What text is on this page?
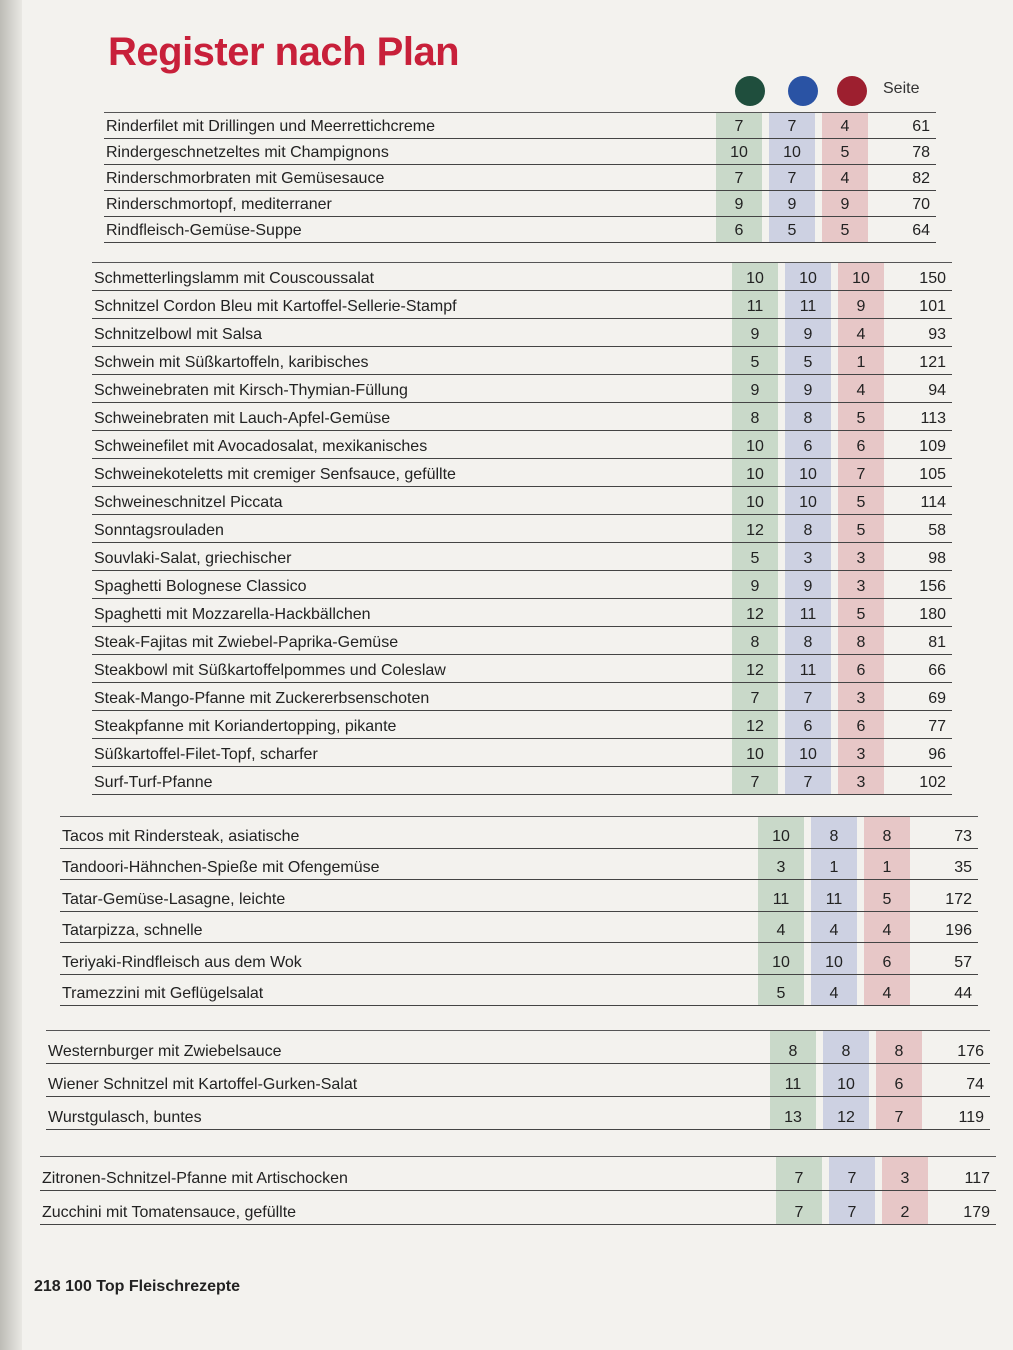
Register nach Plan
Seite
Rinderfilet mit Drillingen und Meerrettichcreme	7	7	4	61
Rindergeschnetzeltes mit Champignons	10	10	5	78
Rinderschmorbraten mit Gemüsesauce	7	7	4	82
Rinderschmortopf, mediterraner	9	9	9	70
Rindfleisch-Gemüse-Suppe	6	5	5	64
Schmetterlingslamm mit Couscoussalat	10	10	10	150
Schnitzel Cordon Bleu mit Kartoffel-Sellerie-Stampf	11	11	9	101
Schnitzelbowl mit Salsa	9	9	4	93
Schwein mit Süßkartoffeln, karibisches	5	5	1	121
Schweinebraten mit Kirsch-Thymian-Füllung	9	9	4	94
Schweinebraten mit Lauch-Apfel-Gemüse	8	8	5	113
Schweinefilet mit Avocadosalat, mexikanisches	10	6	6	109
Schweinekoteletts mit cremiger Senfsauce, gefüllte	10	10	7	105
Schweineschnitzel Piccata	10	10	5	114
Sonntagsrouladen	12	8	5	58
Souvlaki-Salat, griechischer	5	3	3	98
Spaghetti Bolognese Classico	9	9	3	156
Spaghetti mit Mozzarella-Hackbällchen	12	11	5	180
Steak-Fajitas mit Zwiebel-Paprika-Gemüse	8	8	8	81
Steakbowl mit Süßkartoffelpommes und Coleslaw	12	11	6	66
Steak-Mango-Pfanne mit Zuckererbsenschoten	7	7	3	69
Steakpfanne mit Koriandertopping, pikante	12	6	6	77
Süßkartoffel-Filet-Topf, scharfer	10	10	3	96
Surf-Turf-Pfanne	7	7	3	102
Tacos mit Rindersteak, asiatische	10	8	8	73
Tandoori-Hähnchen-Spieße mit Ofengemüse	3	1	1	35
Tatar-Gemüse-Lasagne, leichte	11	11	5	172
Tatarpizza, schnelle	4	4	4	196
Teriyaki-Rindfleisch aus dem Wok	10	10	6	57
Tramezzini mit Geflügelsalat	5	4	4	44
Westernburger mit Zwiebelsauce	8	8	8	176
Wiener Schnitzel mit Kartoffel-Gurken-Salat	11	10	6	74
Wurstgulasch, buntes	13	12	7	119
Zitronen-Schnitzel-Pfanne mit Artischocken	7	7	3	117
Zucchini mit Tomatensauce, gefüllte	7	7	2	179
218 100 Top Fleischrezepte
